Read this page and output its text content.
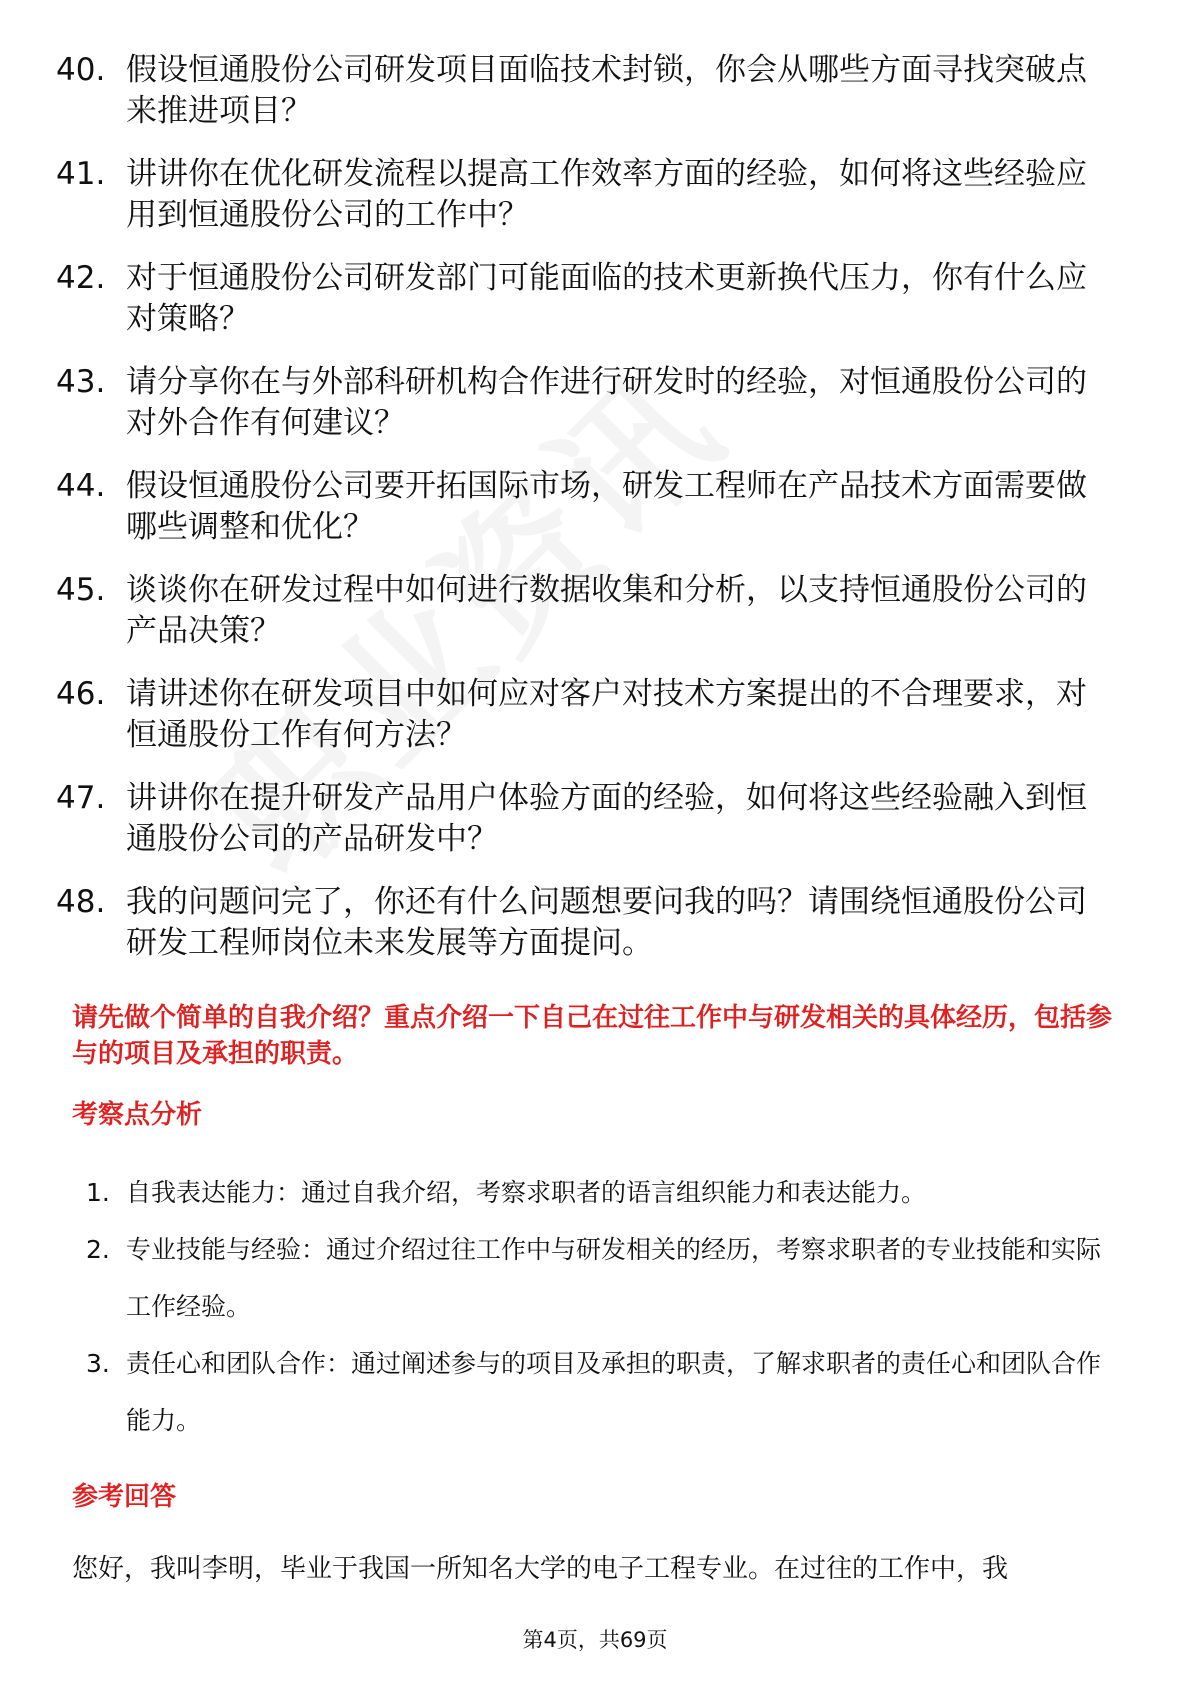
40. 假设恒通股份公司研发项目面临技术封锁，你会从哪些方面寻找突破点来推进项目？
41. 讲讲你在优化研发流程以提高工作效率方面的经验，如何将这些经验应用到恒通股份公司的工作中？
42. 对于恒通股份公司研发部门可能面临的技术更新换代压力，你有什么应对策略？
43. 请分享你在与外部科研机构合作进行研发时的经验，对恒通股份公司的对外合作有何建议？
44. 假设恒通股份公司要开拓国际市场，研发工程师在产品技术方面需要做哪些调整和优化？
45. 谈谈你在研发过程中如何进行数据收集和分析，以支持恒通股份公司的产品决策？
46. 请讲述你在研发项目中如何应对客户对技术方案提出的不合理要求，对恒通股份工作有何方法？
47. 讲讲你在提升研发产品用户体验方面的经验，如何将这些经验融入到恒通股份公司的产品研发中？
48. 我的问题问完了，你还有什么问题想要问我的吗？请围绕恒通股份公司研发工程师岗位未来发展等方面提问。
请先做个简单的自我介绍？重点介绍一下自己在过往工作中与研发相关的具体经历，包括参与的项目及承担的职责。
考察点分析
1. 自我表达能力：通过自我介绍，考察求职者的语言组织能力和表达能力。
2. 专业技能与经验：通过介绍过往工作中与研发相关的经历，考察求职者的专业技能和实际工作经验。
3. 责任心和团队合作：通过阐述参与的项目及承担的职责，了解求职者的责任心和团队合作能力。
参考回答
您好，我叫李明，毕业于我国一所知名大学的电子工程专业。在过往的工作中，我
第4页，共69页
